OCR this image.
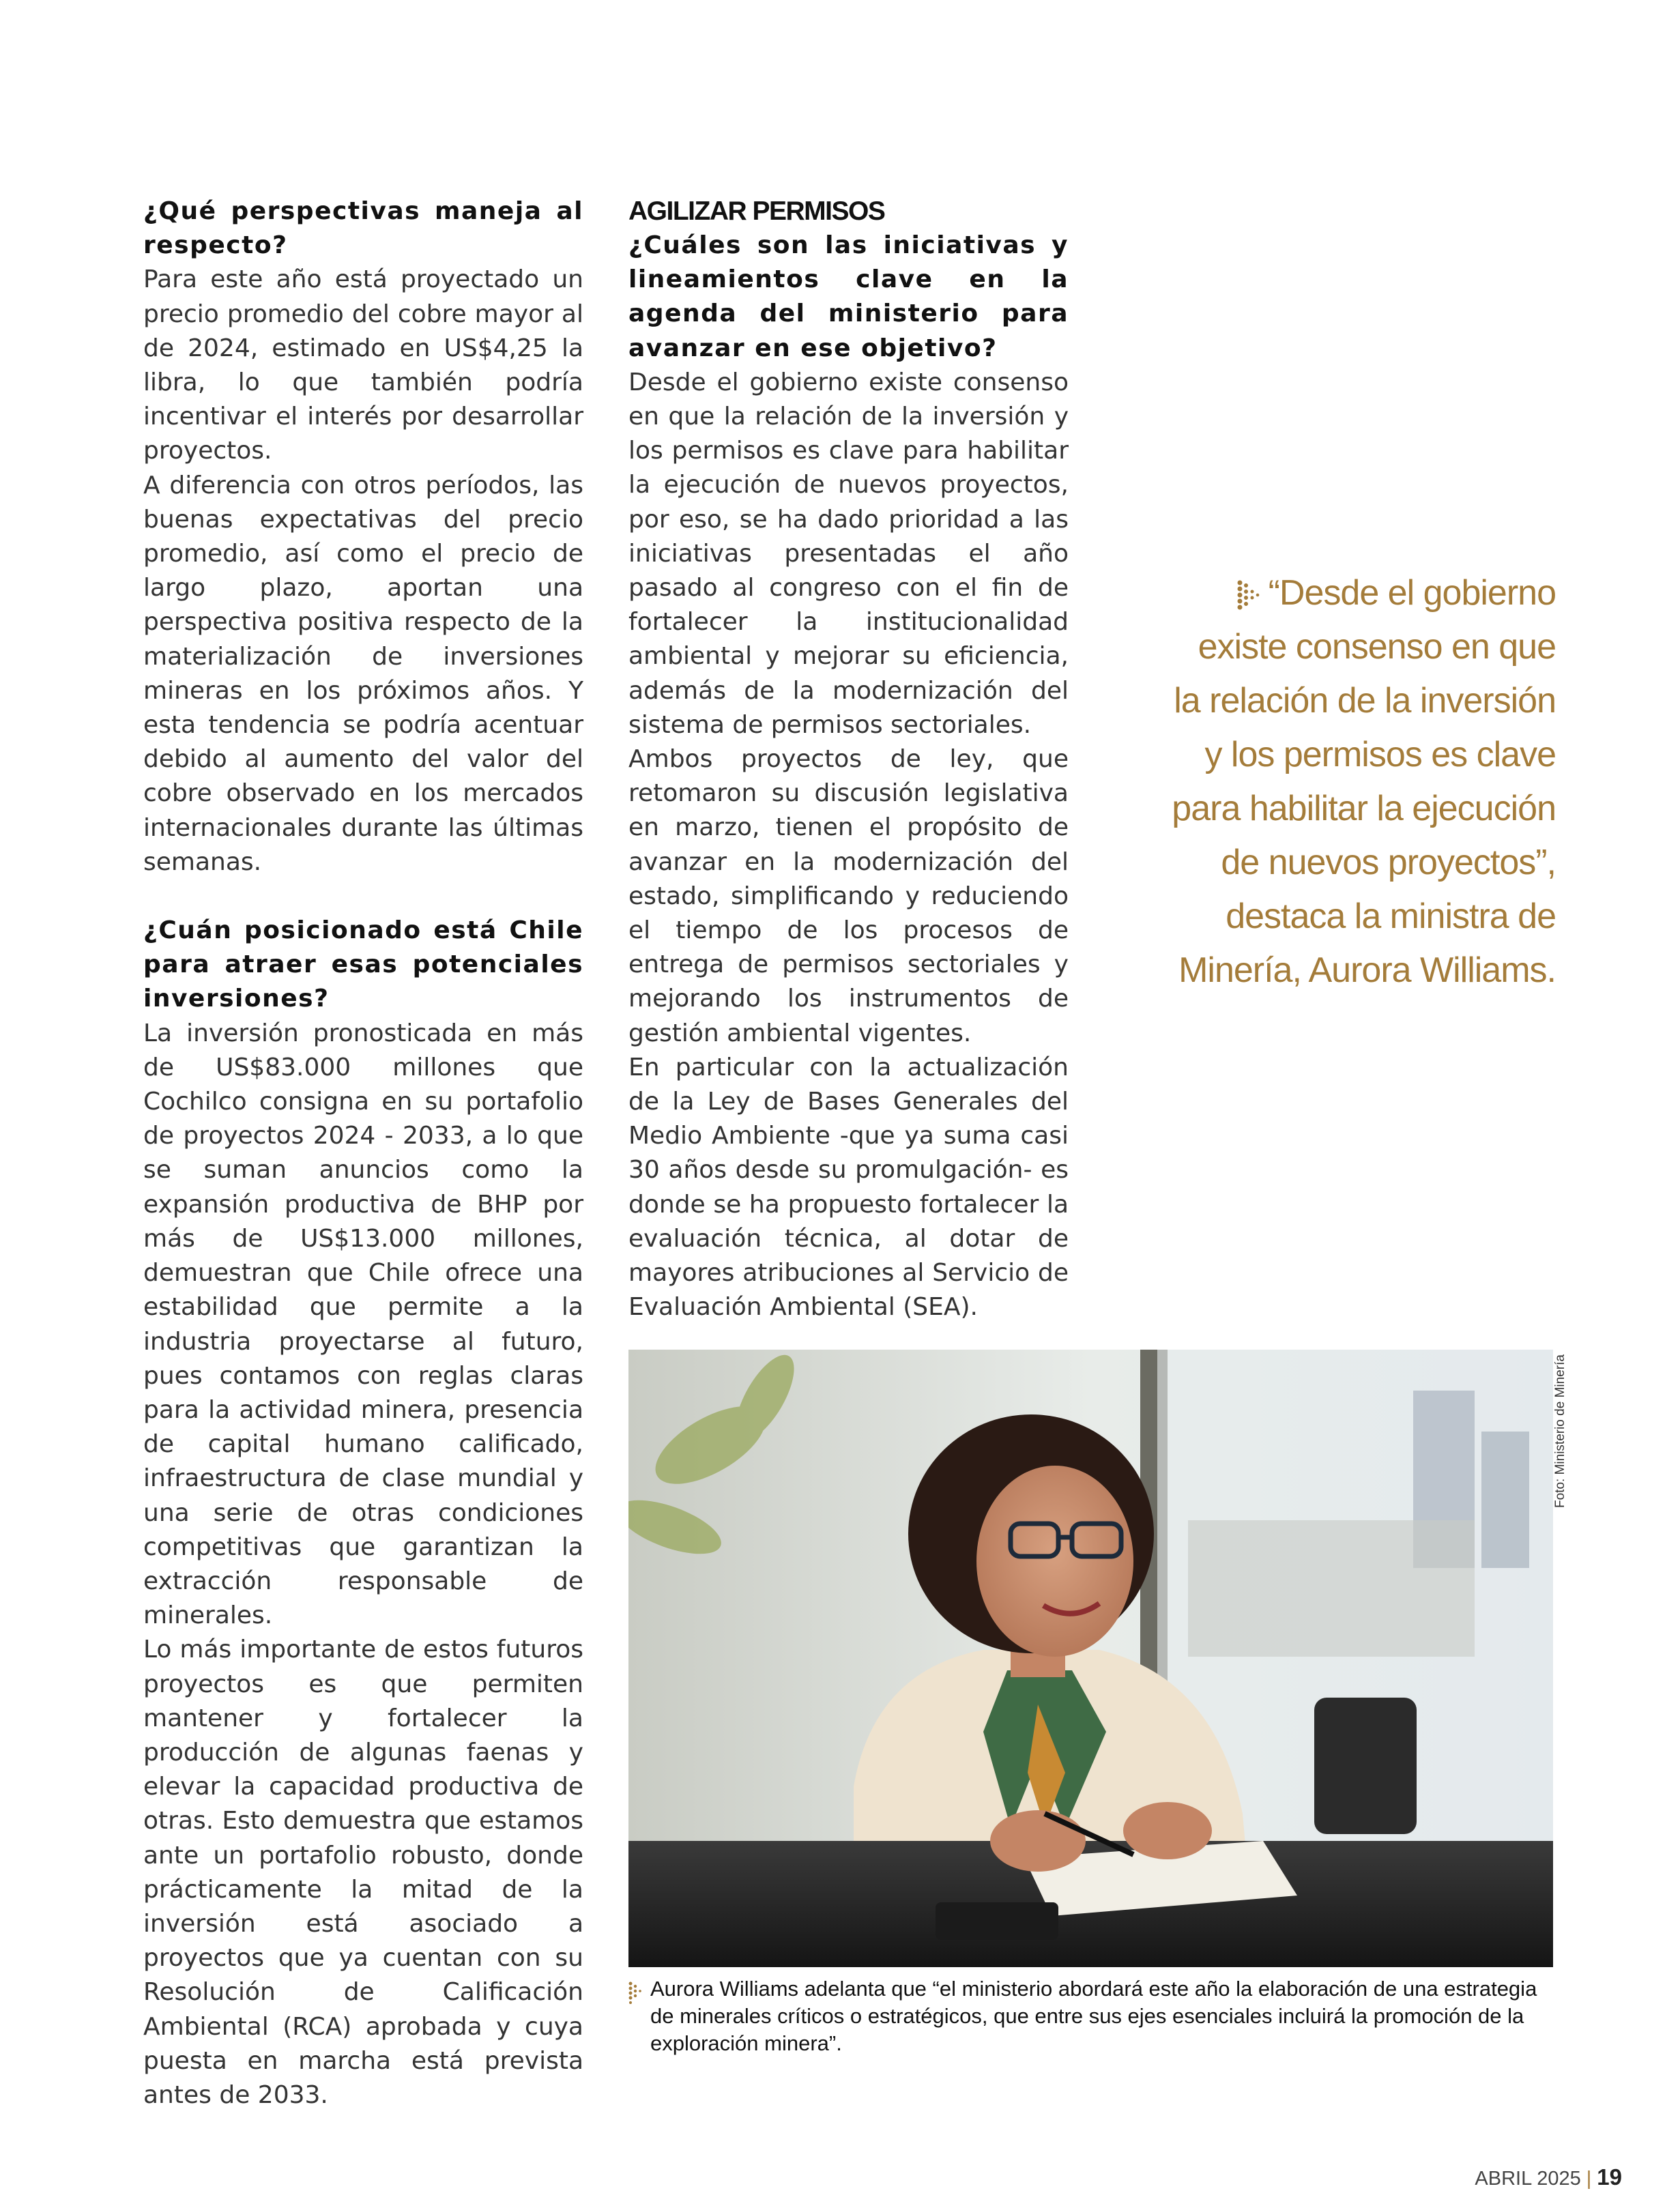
¿Qué perspectivas maneja al respecto?

Para este año está proyectado un precio promedio del cobre mayor al de 2024, estimado en US$4,25 la libra, lo que también podría incentivar el interés por desarrollar proyectos.

A diferencia con otros períodos, las buenas expectativas del precio promedio, así como el precio de largo plazo, aportan una perspectiva positiva respecto de la materialización de inversiones mineras en los próximos años. Y esta tendencia se podría acentuar debido al aumento del valor del cobre observado en los mercados internacionales durante las últimas semanas.

¿Cuán posicionado está Chile para atraer esas potenciales inversiones?

La inversión pronosticada en más de US$83.000 millones que Cochilco consigna en su portafolio de proyectos 2024 - 2033, a lo que se suman anuncios como la expansión productiva de BHP por más de US$13.000 millones, demuestran que Chile ofrece una estabilidad que permite a la industria proyectarse al futuro, pues contamos con reglas claras para la actividad minera, presencia de capital humano calificado, infraestructura de clase mundial y una serie de otras condiciones competitivas que garantizan la extracción responsable de minerales.

Lo más importante de estos futuros proyectos es que permiten mantener y fortalecer la producción de algunas faenas y elevar la capacidad productiva de otras. Esto demuestra que estamos ante un portafolio robusto, donde prácticamente la mitad de la inversión está asociado a proyectos que ya cuentan con su Resolución de Calificación Ambiental (RCA) aprobada y cuya puesta en marcha está prevista antes de 2033.

AGILIZAR PERMISOS

¿Cuáles son las iniciativas y lineamientos clave en la agenda del ministerio para avanzar en ese objetivo?

Desde el gobierno existe consenso en que la relación de la inversión y los permisos es clave para habilitar la ejecución de nuevos proyectos, por eso, se ha dado prioridad a las iniciativas presentadas el año pasado al congreso con el fin de fortalecer la institucionalidad ambiental y mejorar su eficiencia, además de la modernización del sistema de permisos sectoriales.

Ambos proyectos de ley, que retomaron su discusión legislativa en marzo, tienen el propósito de avanzar en la modernización del estado, simplificando y reduciendo el tiempo de los procesos de entrega de permisos sectoriales y mejorando los instrumentos de gestión ambiental vigentes.

En particular con la actualización de la Ley de Bases Generales del Medio Ambiente -que ya suma casi 30 años desde su promulgación- es donde se ha propuesto fortalecer la evaluación técnica, al dotar de mayores atribuciones al Servicio de Evaluación Ambiental (SEA).

“Desde el gobierno
existe consenso en que
la relación de la inversión
y los permisos es clave
para habilitar la ejecución
de nuevos proyectos”,
destaca la ministra de
Minería, Aurora Williams.
Foto: Ministerio de Minería
Aurora Williams adelanta que “el ministerio abordará este año la elaboración de una estrategia de minerales críticos o estratégicos, que entre sus ejes esenciales incluirá la promoción de la exploración minera”.
ABRIL 2025 | 19
